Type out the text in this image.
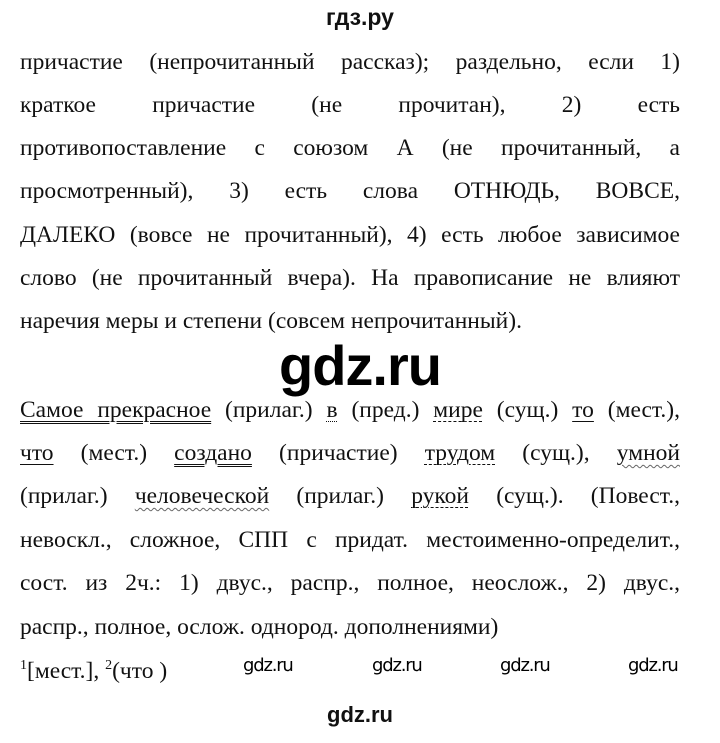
гдз.ру
причастие (непрочитанный рассказ); раздельно, если 1)
краткое причастие (не прочитан), 2) есть
противопоставление с союзом А (не прочитанный, а
просмотренный), 3) есть слова ОТНЮДЬ, ВОВСЕ,
ДАЛЕКО (вовсе не прочитанный), 4) есть любое зависимое
слово (не прочитанный вчера). На правописание не влияют
наречия меры и степени (совсем непрочитанный).
gdz.ru
Самое прекрасное (прилаг.) в (пред.) мире (сущ.) то (мест.),
что (мест.) создано (причастие) трудом (сущ.), умной
(прилаг.) человеческой (прилаг.) рукой (сущ.). (Повест.,
невоскл., сложное, СПП с придат. местоименно-определит.,
сост. из 2ч.: 1) двус., распр., полное, неослож., 2) двус.,
распр., полное, ослож. однород. дополнениями)
$^1$[мест.], $^2$(что )	gdz.ru	gdz.ru	gdz.ru	gdz.ru
gdz.ru
